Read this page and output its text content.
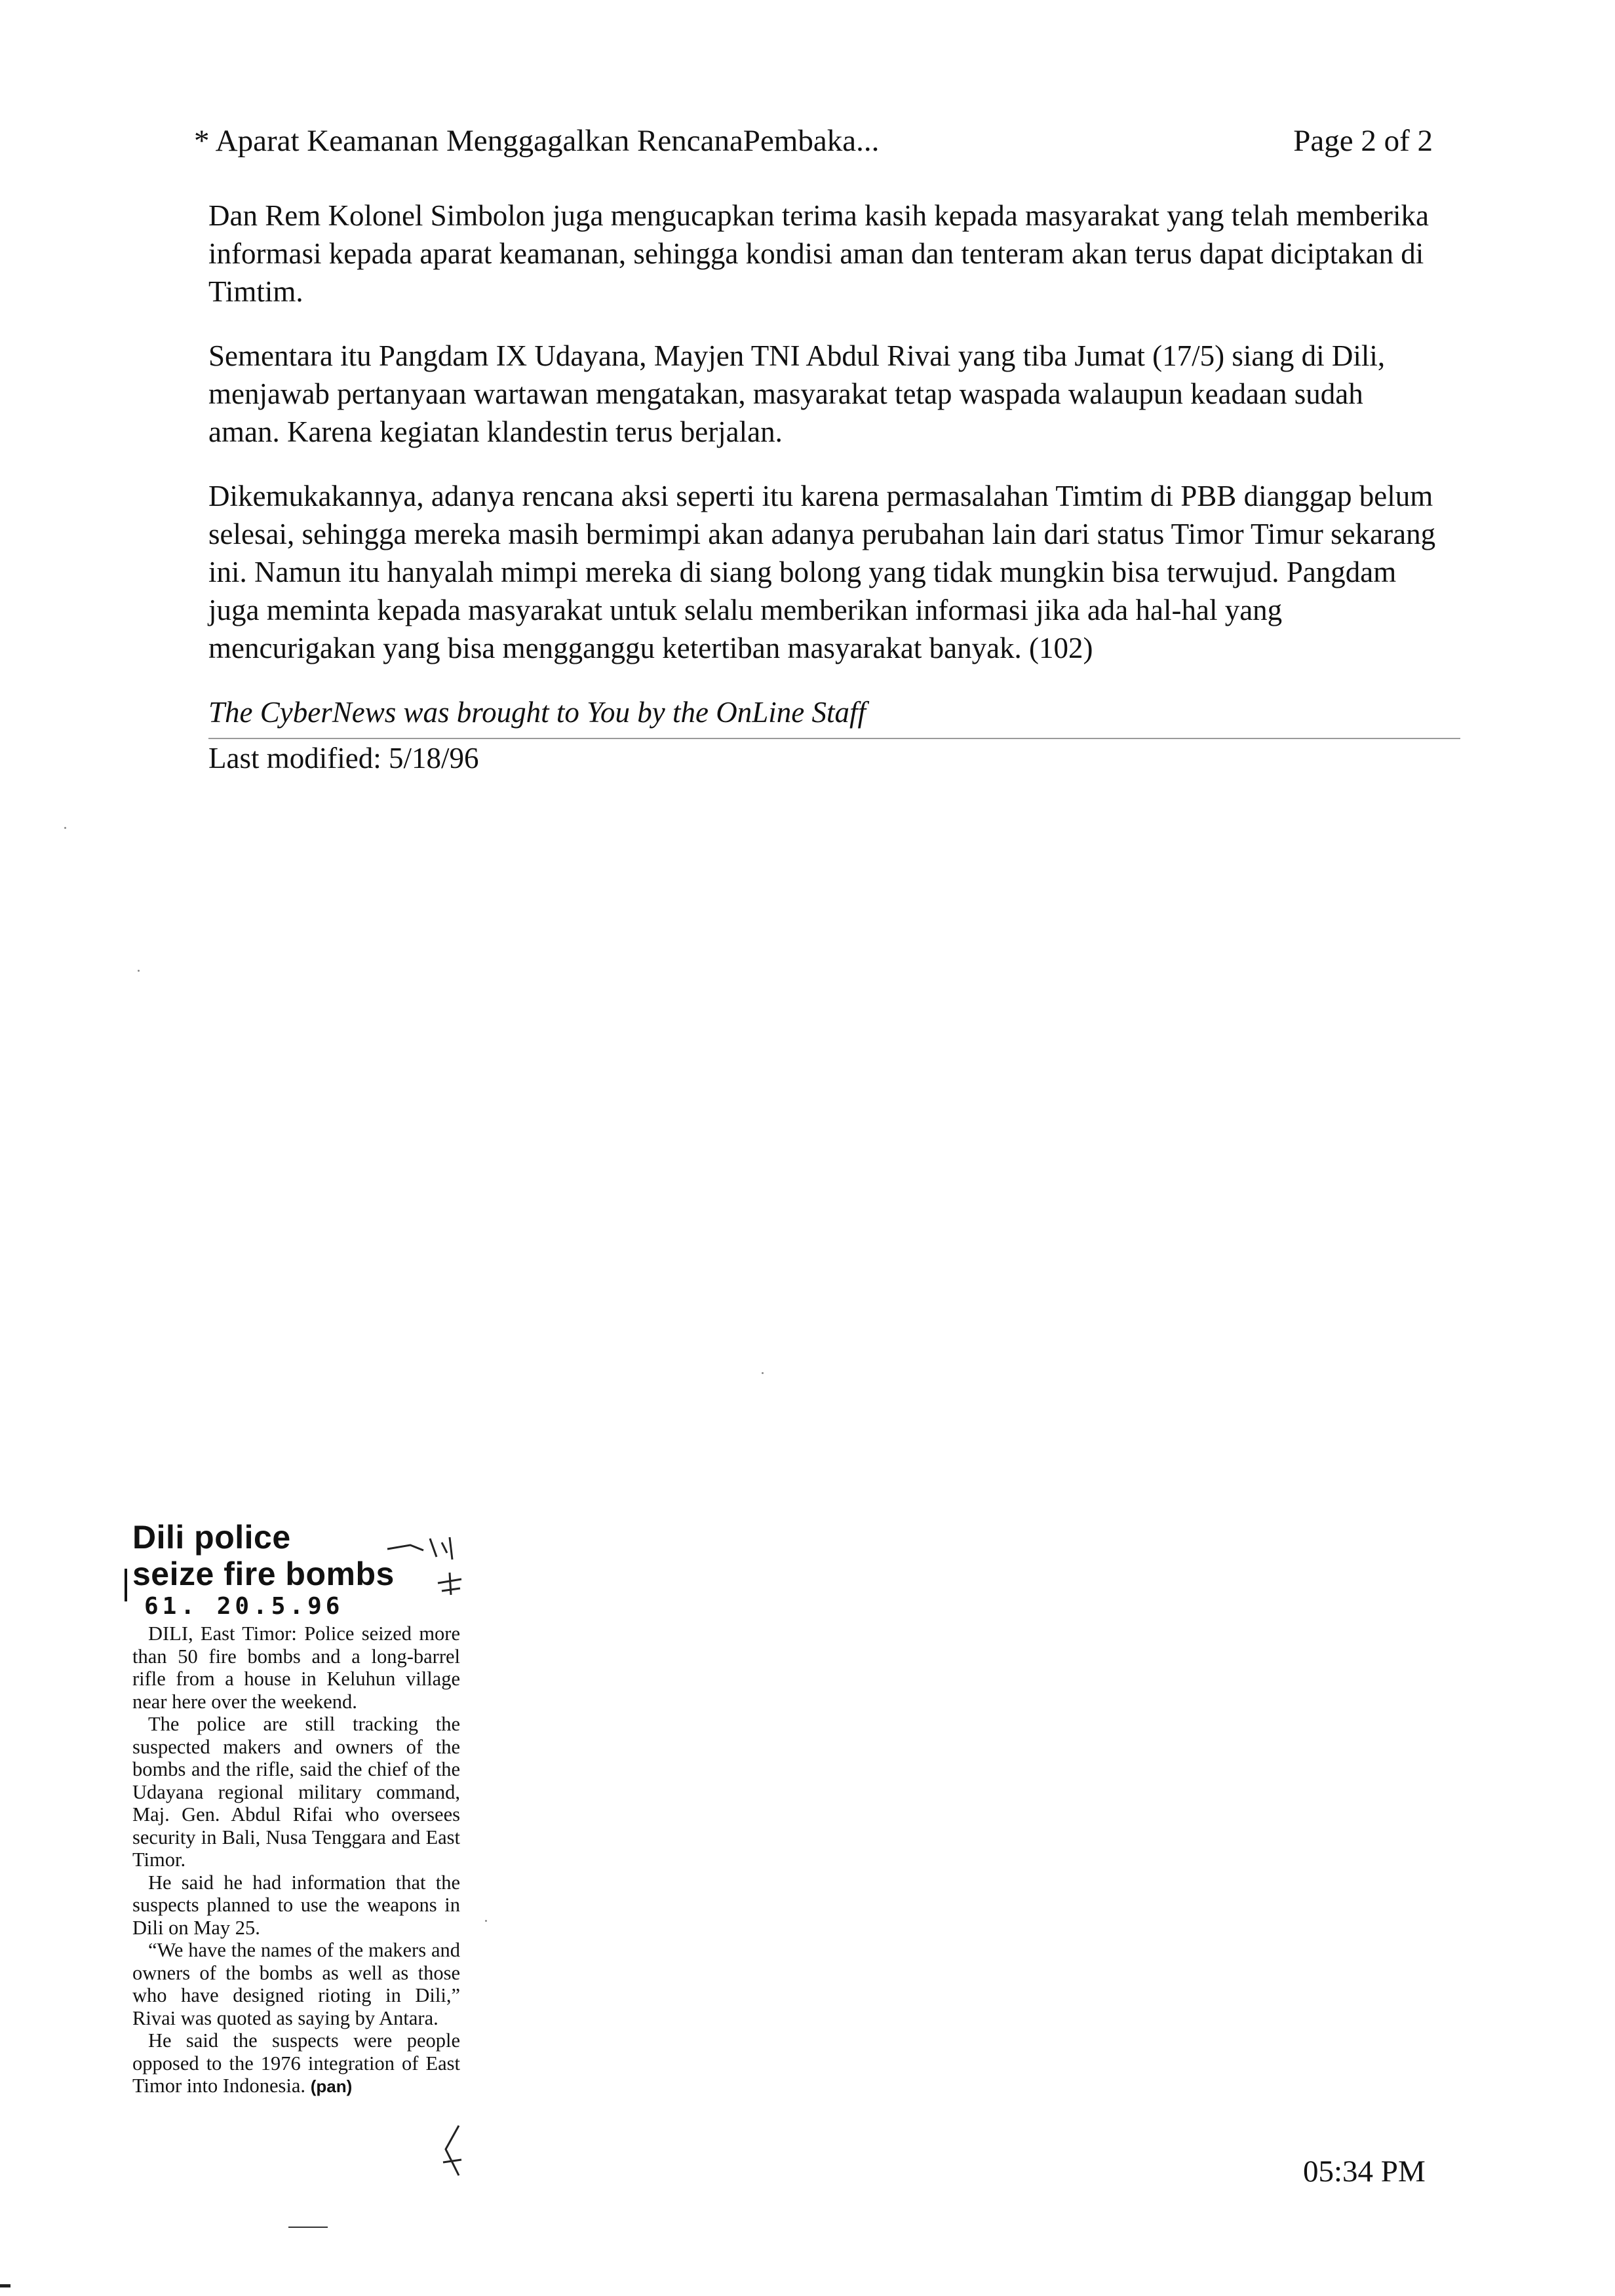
* Aparat Keamanan Menggagalkan RencanaPembaka...	Page 2 of 2

Dan Rem Kolonel Simbolon juga mengucapkan terima kasih kepada masyarakat yang telah memberika informasi kepada aparat keamanan, sehingga kondisi aman dan tenteram akan terus dapat diciptakan di Timtim.

Sementara itu Pangdam IX Udayana, Mayjen TNI Abdul Rivai yang tiba Jumat (17/5) siang di Dili, menjawab pertanyaan wartawan mengatakan, masyarakat tetap waspada walaupun keadaan sudah aman. Karena kegiatan klandestin terus berjalan.

Dikemukakannya, adanya rencana aksi seperti itu karena permasalahan Timtim di PBB dianggap belum selesai, sehingga mereka masih bermimpi akan adanya perubahan lain dari status Timor Timur sekarang ini. Namun itu hanyalah mimpi mereka di siang bolong yang tidak mungkin bisa terwujud. Pangdam juga meminta kepada masyarakat untuk selalu memberikan informasi jika ada hal-hal yang mencurigakan yang bisa mengganggu ketertiban masyarakat banyak. (102)

The CyberNews was brought to You by the OnLine Staff
Last modified: 5/18/96
Dili police
seize fire bombs
61. 20.5.96

DILI, East Timor: Police seized more than 50 fire bombs and a long-barrel rifle from a house in Keluhun village near here over the weekend.

The police are still tracking the suspected makers and owners of the bombs and the rifle, said the chief of the Udayana regional military command, Maj. Gen. Abdul Rifai who oversees security in Bali, Nusa Tenggara and East Timor.

He said he had information that the suspects planned to use the weapons in Dili on May 25.

“We have the names of the makers and owners of the bombs as well as those who have designed rioting in Dili,” Rivai was quoted as saying by Antara.

He said the suspects were people opposed to the 1976 integration of East Timor into Indonesia. (pan)

05:34 PM
